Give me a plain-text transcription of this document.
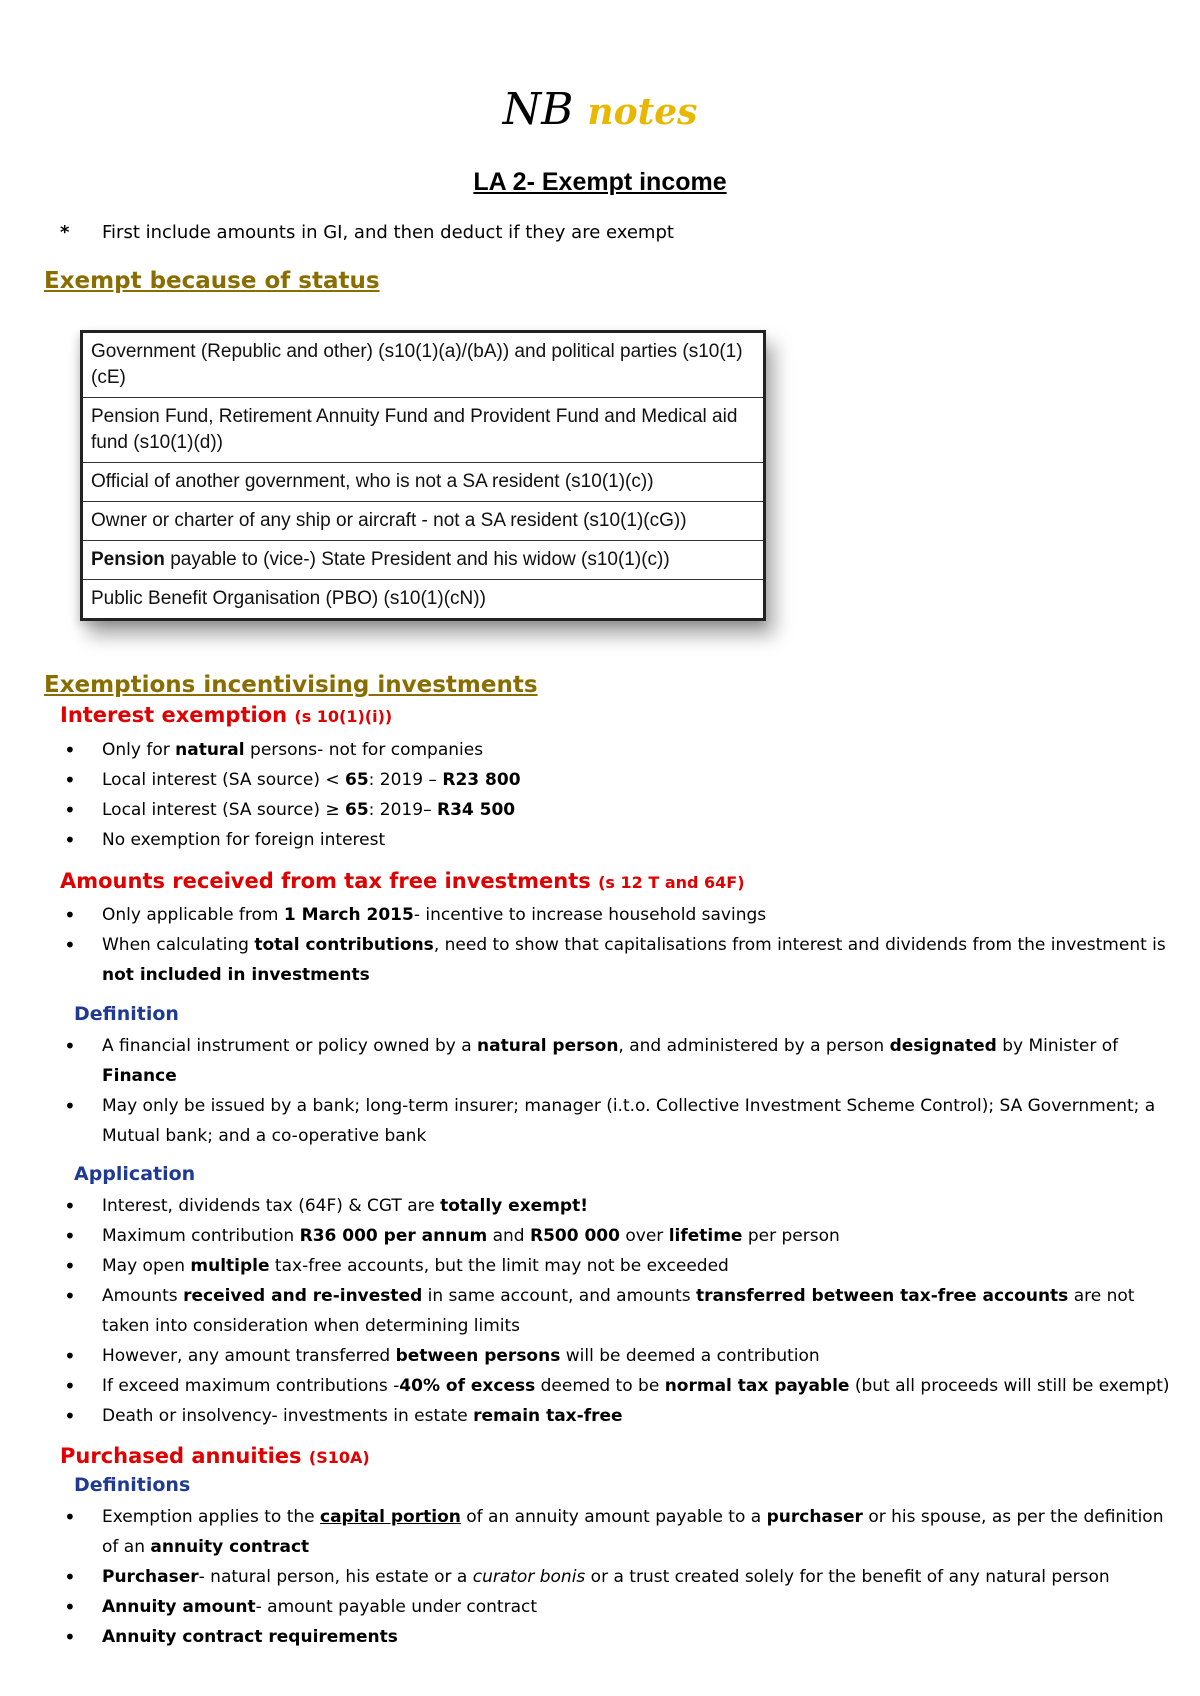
NB notes
LA 2- Exempt income
* First include amounts in GI, and then deduct if they are exempt
Exempt because of status
Government (Republic and other) (s10(1)(a)/(bA)) and political parties (s10(1)(cE)
Pension Fund, Retirement Annuity Fund and Provident Fund and Medical aid fund (s10(1)(d))
Official of another government, who is not a SA resident (s10(1)(c))
Owner or charter of any ship or aircraft - not a SA resident (s10(1)(cG))
Pension payable to (vice-) State President and his widow (s10(1)(c))
Public Benefit Organisation (PBO) (s10(1)(cN))
Exemptions incentivising investments
Interest exemption (s 10(1)(i))
• Only for natural persons- not for companies
• Local interest (SA source) < 65: 2019 – R23 800
• Local interest (SA source) ≥ 65: 2019– R34 500
• No exemption for foreign interest
Amounts received from tax free investments (s 12 T and 64F)
• Only applicable from 1 March 2015- incentive to increase household savings
• When calculating total contributions, need to show that capitalisations from interest and dividends from the investment is not included in investments
Definition
• A financial instrument or policy owned by a natural person, and administered by a person designated by Minister of Finance
• May only be issued by a bank; long-term insurer; manager (i.t.o. Collective Investment Scheme Control); SA Government; a Mutual bank; and a co-operative bank
Application
• Interest, dividends tax (64F) & CGT are totally exempt!
• Maximum contribution R36 000 per annum and R500 000 over lifetime per person
• May open multiple tax-free accounts, but the limit may not be exceeded
• Amounts received and re-invested in same account, and amounts transferred between tax-free accounts are not taken into consideration when determining limits
• However, any amount transferred between persons will be deemed a contribution
• If exceed maximum contributions -40% of excess deemed to be normal tax payable (but all proceeds will still be exempt)
• Death or insolvency- investments in estate remain tax-free
Purchased annuities (S10A)
Definitions
• Exemption applies to the capital portion of an annuity amount payable to a purchaser or his spouse, as per the definition of an annuity contract
• Purchaser- natural person, his estate or a curator bonis or a trust created solely for the benefit of any natural person
• Annuity amount- amount payable under contract
• Annuity contract requirements
